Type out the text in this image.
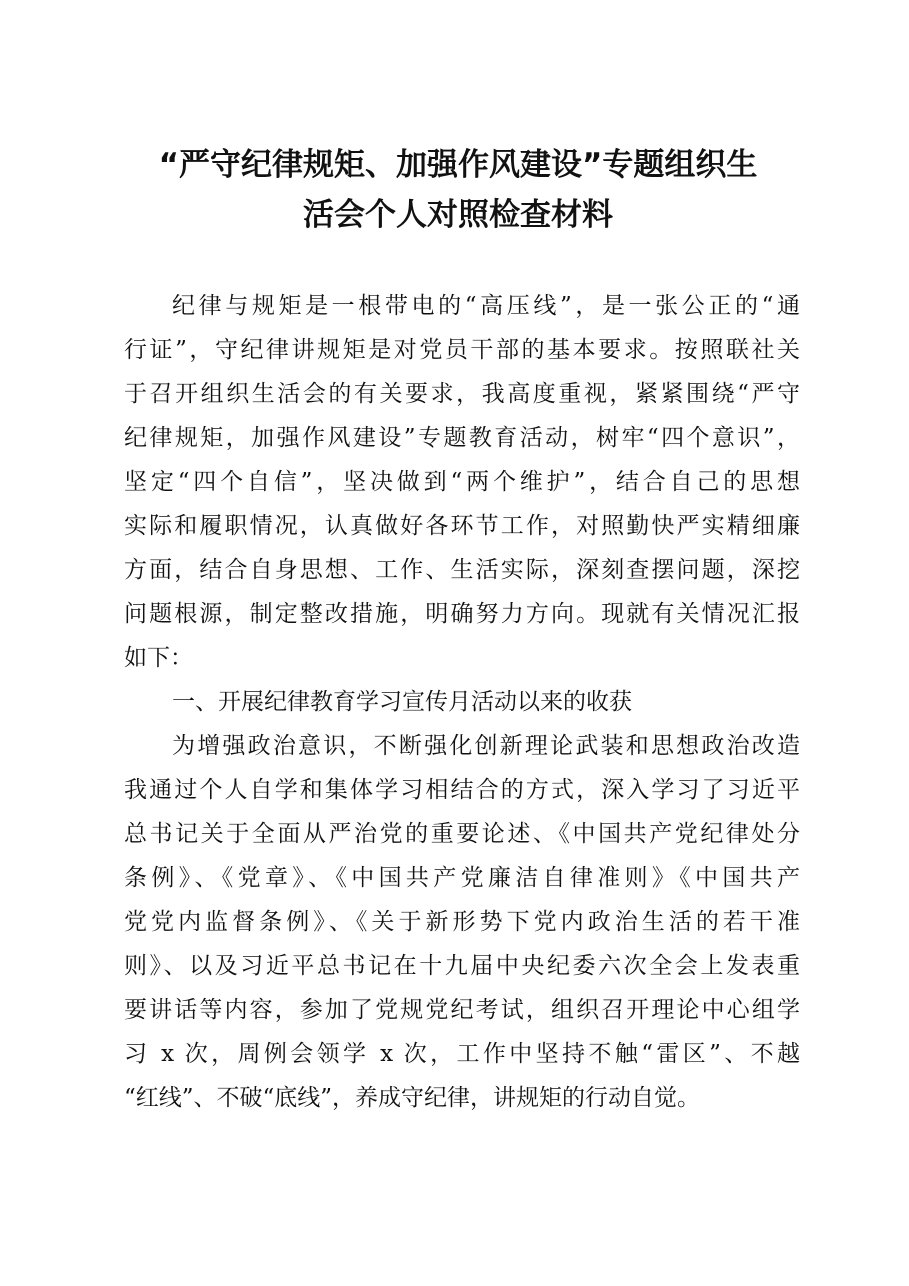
“严守纪律规矩、加强作风建设”专题组织生
活会个人对照检查材料
纪律与规矩是一根带电的“高压线”，是一张公正的“通
行证”，守纪律讲规矩是对党员干部的基本要求。按照联社关
于召开组织生活会的有关要求，我高度重视，紧紧围绕“严守
纪律规矩，加强作风建设”专题教育活动，树牢“四个意识”，
坚定“四个自信”，坚决做到“两个维护”，结合自己的思想
实际和履职情况，认真做好各环节工作，对照勤快严实精细廉
方面，结合自身思想、工作、生活实际，深刻查摆问题，深挖
问题根源，制定整改措施，明确努力方向。现就有关情况汇报
如下：
一、开展纪律教育学习宣传月活动以来的收获
为增强政治意识，不断强化创新理论武装和思想政治改造
我通过个人自学和集体学习相结合的方式，深入学习了习近平
总书记关于全面从严治党的重要论述、《中国共产党纪律处分
条例》、《党章》、《中国共产党廉洁自律准则》《中国共产
党党内监督条例》、《关于新形势下党内政治生活的若干准
则》、以及习近平总书记在十九届中央纪委六次全会上发表重
要讲话等内容，参加了党规党纪考试，组织召开理论中心组学
习 x 次，周例会领学 x 次，工作中坚持不触“雷区”、不越
“红线”、不破“底线”，养成守纪律，讲规矩的行动自觉。
